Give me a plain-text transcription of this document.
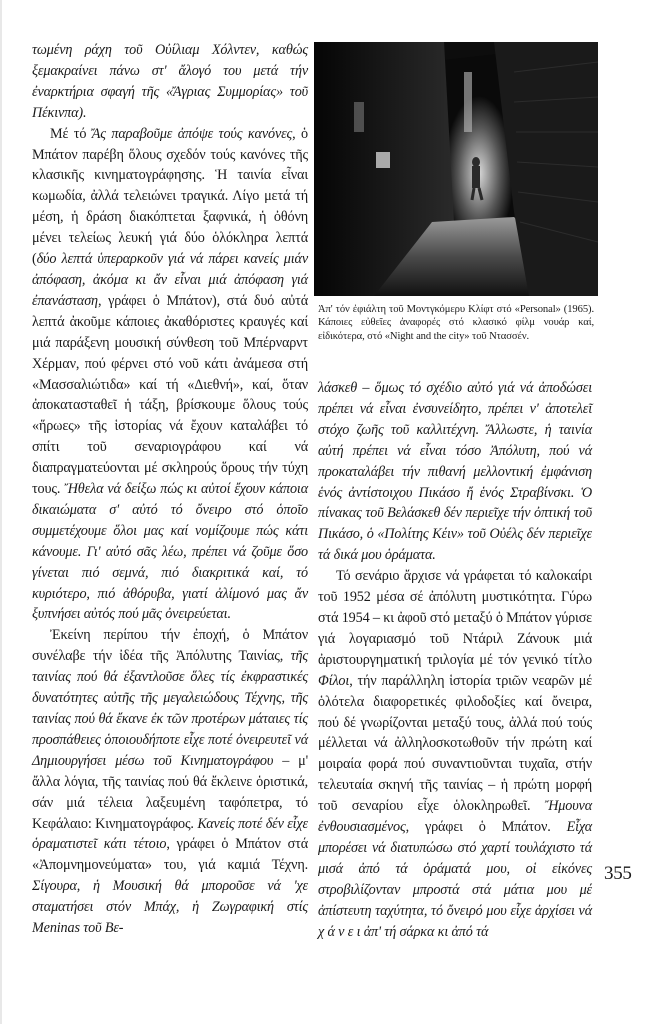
τωμένη ράχη τοῦ Οὐίλιαμ Χόλντεν, καθώς ξεμακραίνει πάνω στ' ἄλογό του μετά τήν ἐναρκτήρια σφαγή τῆς «Ἄγριας Συμμορίας» τοῦ Πέκινπα).

Μέ τό Ἄς παραβοῦμε ἀπόψε τούς κανόνες, ὁ Μπάτον παρέβη ὅλους σχεδόν τούς κανόνες τῆς κλασικῆς κινηματογράφησης. Ἡ ταινία εἶναι κωμωδία, ἀλλά τελειώνει τραγικά. Λίγο μετά τή μέση, ἡ δράση διακόπτεται ξαφνικά, ἡ ὀθόνη μένει τελείως λευκή γιά δύο ὁλόκληρα λεπτά (δύο λεπτά ὑπεραρκοῦν γιά νά πάρει κανείς μιάν ἀπόφαση, ἀκόμα κι ἄν εἶναι μιά ἀπόφαση γιά ἐπανάσταση, γράφει ὁ Μπάτον), στά δυό αὐτά λεπτά ἀκοῦμε κάποιες ἀκαθόριστες κραυγές καί μιά παράξενη μουσική σύνθεση τοῦ Μπέρναρντ Χέρμαν, πού φέρνει στό νοῦ κάτι ἀνάμεσα στή «Μασσαλιώτιδα» καί τή «Διεθνή», καί, ὅταν ἀποκατασταθεῖ ἡ τάξη, βρίσκουμε ὅλους τούς «ἥρωες» τῆς ἱστορίας νά ἔχουν καταλάβει τό σπίτι τοῦ σεναριογράφου καί νά διαπραγματεύονται μέ σκληρούς ὅρους τήν τύχη τους. Ἤθελα νά δείξω πώς κι αὐτοί ἔχουν κάποια δικαιώματα σ' αὐτό τό ὄνειρο στό ὁποῖο συμμετέχουμε ὅλοι μας καί νομίζουμε πώς κάτι κάνουμε. Γι' αὐτό σᾶς λέω, πρέπει νά ζοῦμε ὅσο γίνεται πιό σεμνά, πιό διακριτικά καί, τό κυριότερο, πιό ἀθόρυβα, γιατί ἀλίμονό μας ἄν ξυπνήσει αὐτός πού μᾶς ὀνειρεύεται.

Ἐκείνη περίπου τήν ἐποχή, ὁ Μπάτον συνέλαβε τήν ἰδέα τῆς Ἀπόλυτης Ταινίας, τῆς ταινίας πού θά ἐξαντλοῦσε ὅλες τίς ἐκφραστικές δυνατότητες αὐτῆς τῆς μεγαλειώδους Τέχνης, τῆς ταινίας πού θά ἔκανε ἐκ τῶν προτέρων μάταιες τίς προσπάθειες ὁποιουδήποτε εἶχε ποτέ ὀνειρευτεῖ νά Δημιουργήσει μέσω τοῦ Κινηματογράφου – μ' ἄλλα λόγια, τῆς ταινίας πού θά ἔκλεινε ὁριστικά, σάν μιά τέλεια λαξευμένη ταφόπετρα, τό Κεφάλαιο: Κινηματογράφος. Κανείς ποτέ δέν εἶχε ὁραματιστεῖ κάτι τέτοιο, γράφει ὁ Μπάτον στά «Ἀπομνημονεύματα» του, γιά καμιά Τέχνη. Σίγουρα, ἡ Μουσική θά μποροῦσε νά 'χε σταματήσει στόν Μπάχ, ἡ Ζωγραφική στίς Meninas τοῦ Βε-

Ἀπ' τόν ἐφιάλτη τοῦ Μοντγκόμερυ Κλίφτ στό «Personal» (1965). Κάποιες εὐθεῖες ἀναφορές στό κλασικό φίλμ νουάρ καί, εἰδικότερα, στό «Night and the city» τοῦ Ντασσέν.

λάσκεθ – ὅμως τό σχέδιο αὐτό γιά νά ἀποδώσει πρέπει νά εἶναι ἐνσυνείδητο, πρέπει ν' ἀποτελεῖ στόχο ζωῆς τοῦ καλλιτέχνη. Ἄλλωστε, ἡ ταινία αὐτή πρέπει νά εἶναι τόσο Ἀπόλυτη, πού νά προκαταλάβει τήν πιθανή μελλοντική ἐμφάνιση ἑνός ἀντίστοιχου Πικάσο ἤ ἑνός Στραβίνσκι. Ὁ πίνακας τοῦ Βελάσκεθ δέν περιεῖχε τήν ὀπτική τοῦ Πικάσο, ὁ «Πολίτης Κέιν» τοῦ Οὐέλς δέν περιεῖχε τά δικά μου ὁράματα.

Τό σενάριο ἄρχισε νά γράφεται τό καλοκαίρι τοῦ 1952 μέσα σέ ἀπόλυτη μυστικότητα. Γύρω στά 1954 – κι ἀφοῦ στό μεταξύ ὁ Μπάτον γύρισε γιά λογαριασμό τοῦ Ντάριλ Ζάνουκ μιά ἀριστουργηματική τριλογία μέ τόν γενικό τίτλο Φίλοι, τήν παράλληλη ἱστορία τριῶν νεαρῶν μέ ὁλότελα διαφορετικές φιλοδοξίες καί ὄνειρα, πού δέ γνωρίζονται μεταξύ τους, ἀλλά πού τούς μέλλεται νά ἀλληλοσκοτωθοῦν τήν πρώτη καί μοιραία φορά πού συναντιοῦνται τυχαῖα, στήν τελευταία σκηνή τῆς ταινίας – ἡ πρώτη μορφή τοῦ σεναρίου εἶχε ὁλοκληρωθεῖ. Ἤμουνα ἐνθουσιασμένος, γράφει ὁ Μπάτον. Εἶχα μπορέσει νά διατυπώσω στό χαρτί τουλάχιστο τά μισά ἀπό τά ὁράματά μου, οἱ εἰκόνες στροβιλίζονταν μπροστά στά μάτια μου μέ ἀπίστευτη ταχύτητα, τό ὄνειρό μου εἶχε ἀρχίσει νά χ ά ν ε ι ἀπ' τή σάρκα κι ἀπό τά

355
